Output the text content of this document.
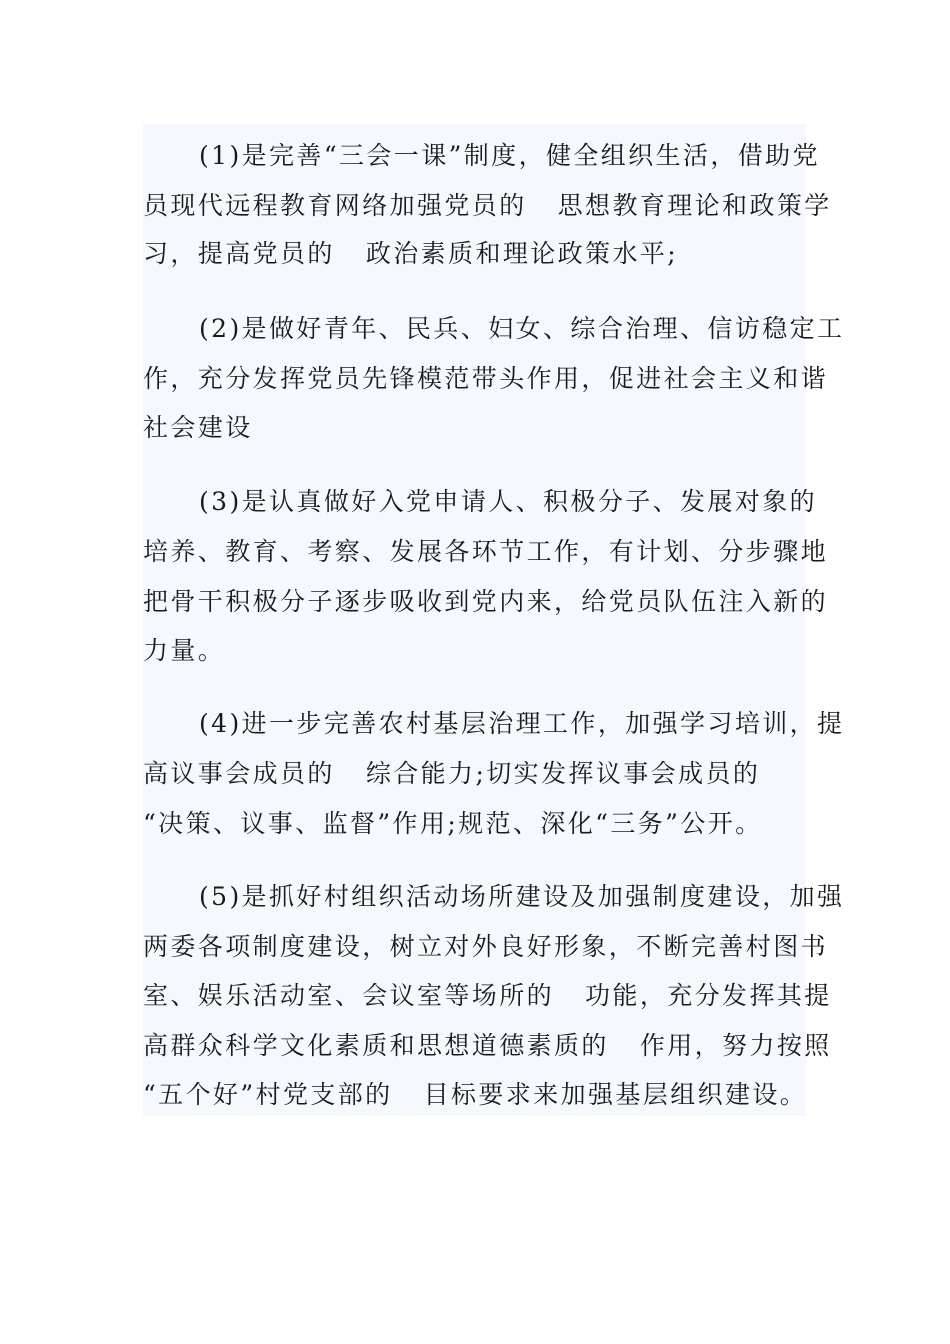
(1)是完善“三会一课”制度，健全组织生活，借助党
员现代远程教育网络加强党员的   思想教育理论和政策学
习，提高党员的   政治素质和理论政策水平;
(2)是做好青年、民兵、妇女、综合治理、信访稳定工
作，充分发挥党员先锋模范带头作用，促进社会主义和谐
社会建设
(3)是认真做好入党申请人、积极分子、发展对象的
培养、教育、考察、发展各环节工作，有计划、分步骤地
把骨干积极分子逐步吸收到党内来，给党员队伍注入新的
力量。
(4)进一步完善农村基层治理工作，加强学习培训，提
高议事会成员的   综合能力;切实发挥议事会成员的
“决策、议事、监督”作用;规范、深化“三务”公开。
(5)是抓好村组织活动场所建设及加强制度建设，加强
两委各项制度建设，树立对外良好形象，不断完善村图书
室、娱乐活动室、会议室等场所的   功能，充分发挥其提
高群众科学文化素质和思想道德素质的   作用，努力按照
“五个好”村党支部的   目标要求来加强基层组织建设。
